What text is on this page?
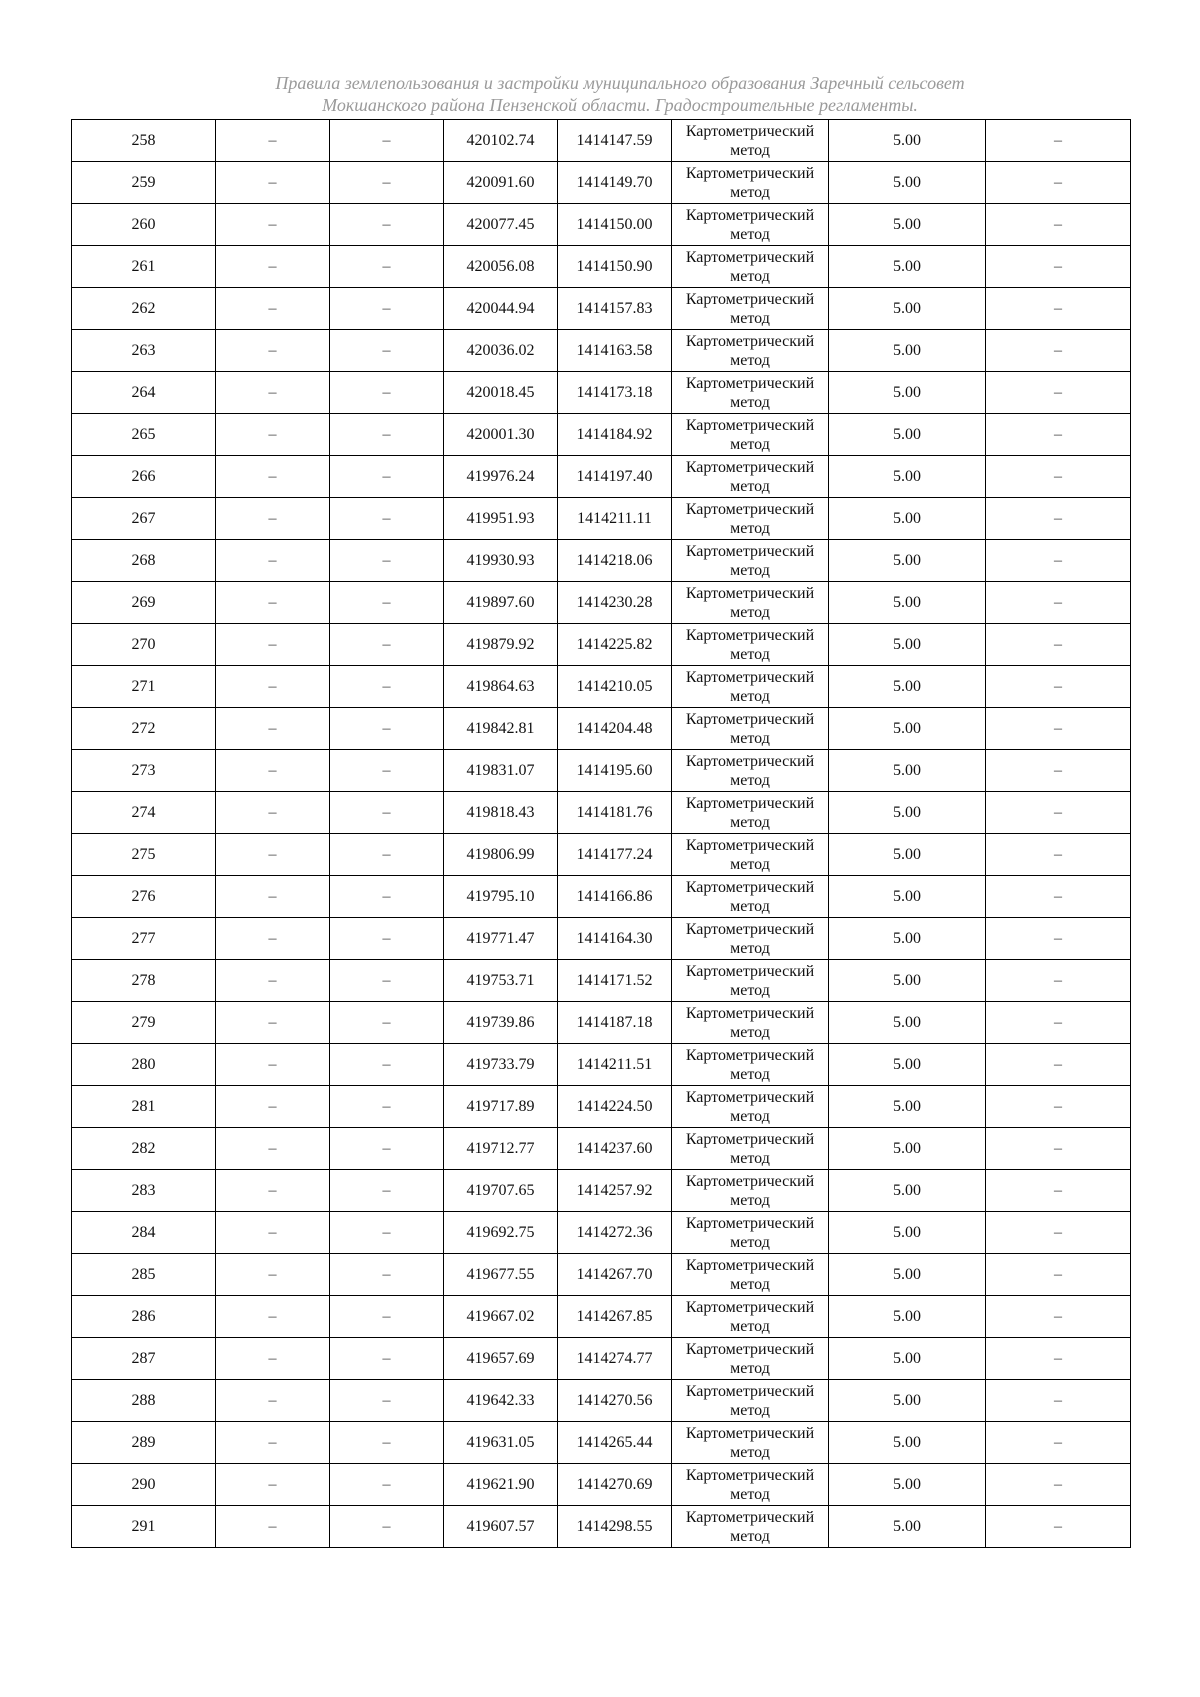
Правила землепользования и застройки муниципального образования Заречный сельсовет
Мокшанского района Пензенской области. Градостроительные регламенты.
258	–	–	420102.74	1414147.59	Картометрический метод	5.00	–
259	–	–	420091.60	1414149.70	Картометрический метод	5.00	–
260	–	–	420077.45	1414150.00	Картометрический метод	5.00	–
261	–	–	420056.08	1414150.90	Картометрический метод	5.00	–
262	–	–	420044.94	1414157.83	Картометрический метод	5.00	–
263	–	–	420036.02	1414163.58	Картометрический метод	5.00	–
264	–	–	420018.45	1414173.18	Картометрический метод	5.00	–
265	–	–	420001.30	1414184.92	Картометрический метод	5.00	–
266	–	–	419976.24	1414197.40	Картометрический метод	5.00	–
267	–	–	419951.93	1414211.11	Картометрический метод	5.00	–
268	–	–	419930.93	1414218.06	Картометрический метод	5.00	–
269	–	–	419897.60	1414230.28	Картометрический метод	5.00	–
270	–	–	419879.92	1414225.82	Картометрический метод	5.00	–
271	–	–	419864.63	1414210.05	Картометрический метод	5.00	–
272	–	–	419842.81	1414204.48	Картометрический метод	5.00	–
273	–	–	419831.07	1414195.60	Картометрический метод	5.00	–
274	–	–	419818.43	1414181.76	Картометрический метод	5.00	–
275	–	–	419806.99	1414177.24	Картометрический метод	5.00	–
276	–	–	419795.10	1414166.86	Картометрический метод	5.00	–
277	–	–	419771.47	1414164.30	Картометрический метод	5.00	–
278	–	–	419753.71	1414171.52	Картометрический метод	5.00	–
279	–	–	419739.86	1414187.18	Картометрический метод	5.00	–
280	–	–	419733.79	1414211.51	Картометрический метод	5.00	–
281	–	–	419717.89	1414224.50	Картометрический метод	5.00	–
282	–	–	419712.77	1414237.60	Картометрический метод	5.00	–
283	–	–	419707.65	1414257.92	Картометрический метод	5.00	–
284	–	–	419692.75	1414272.36	Картометрический метод	5.00	–
285	–	–	419677.55	1414267.70	Картометрический метод	5.00	–
286	–	–	419667.02	1414267.85	Картометрический метод	5.00	–
287	–	–	419657.69	1414274.77	Картометрический метод	5.00	–
288	–	–	419642.33	1414270.56	Картометрический метод	5.00	–
289	–	–	419631.05	1414265.44	Картометрический метод	5.00	–
290	–	–	419621.90	1414270.69	Картометрический метод	5.00	–
291	–	–	419607.57	1414298.55	Картометрический метод	5.00	–
